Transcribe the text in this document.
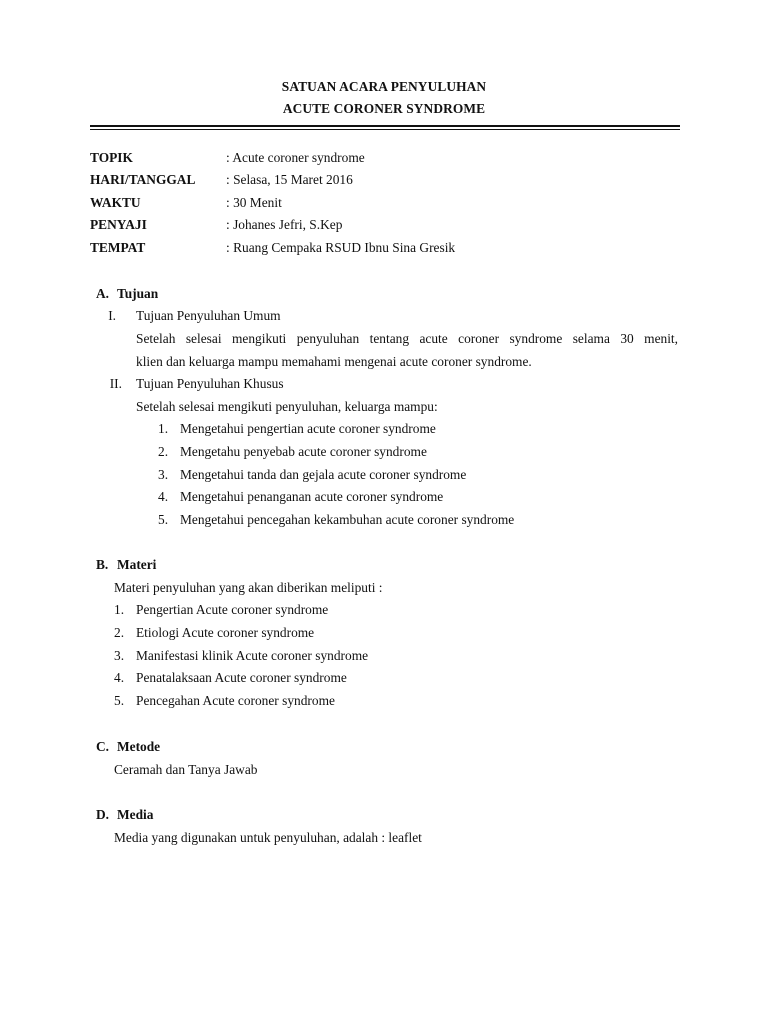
SATUAN ACARA PENYULUHAN
ACUTE CORONER SYNDROME
TOPIK	: Acute coroner syndrome
HARI/TANGGAL : Selasa, 15 Maret 2016
WAKTU	: 30 Menit
PENYAJI	: Johanes Jefri, S.Kep
TEMPAT	: Ruang Cempaka RSUD Ibnu Sina Gresik
A. Tujuan
I. Tujuan Penyuluhan Umum
Setelah selesai mengikuti penyuluhan tentang acute coroner syndrome selama 30 menit,
klien dan keluarga mampu memahami mengenai acute coroner syndrome.
II. Tujuan Penyuluhan Khusus
Setelah selesai mengikuti penyuluhan, keluarga mampu:
1. Mengetahui pengertian acute coroner syndrome
2. Mengetahu penyebab acute coroner syndrome
3. Mengetahui tanda dan gejala acute coroner syndrome
4. Mengetahui penanganan acute coroner syndrome
5. Mengetahui pencegahan kekambuhan acute coroner syndrome
B. Materi
Materi penyuluhan yang akan diberikan meliputi :
1. Pengertian Acute coroner syndrome
2. Etiologi Acute coroner syndrome
3. Manifestasi klinik Acute coroner syndrome
4. Penatalaksaan Acute coroner syndrome
5. Pencegahan Acute coroner syndrome
C. Metode
Ceramah dan Tanya Jawab
D. Media
Media yang digunakan untuk penyuluhan, adalah : leaflet
